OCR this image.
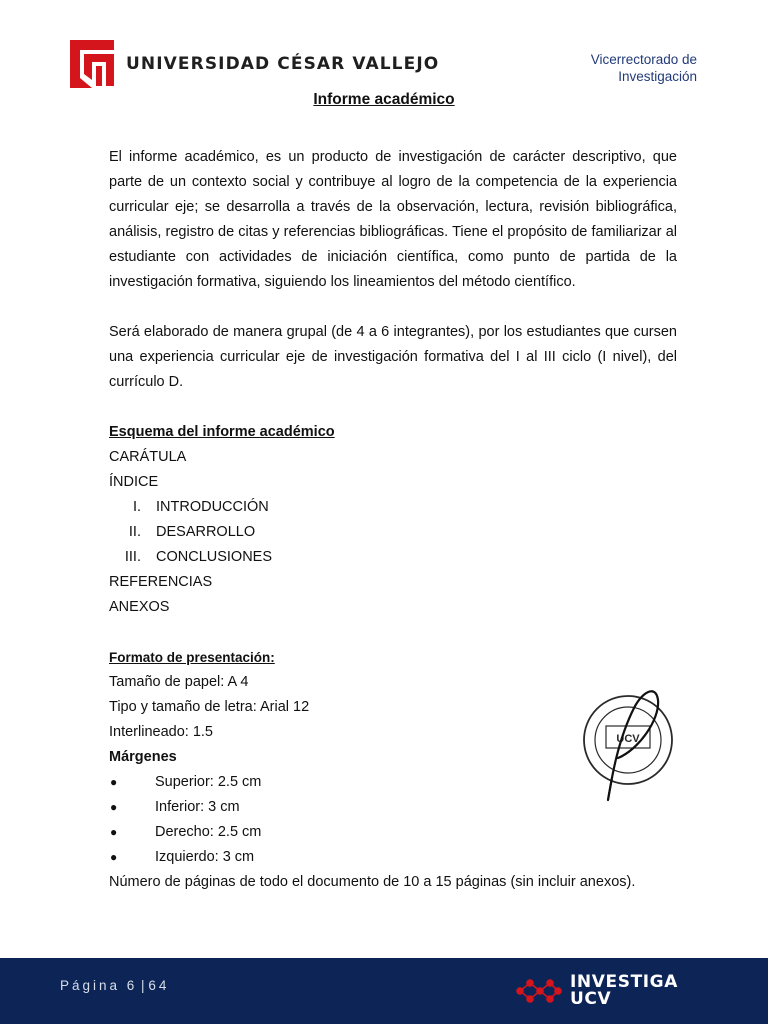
UNIVERSIDAD CÉSAR VALLEJO	Vicerrectorado de
Investigación
Informe académico

El informe académico, es un producto de investigación de carácter descriptivo, que parte de un contexto social y contribuye al logro de la competencia de la experiencia curricular eje; se desarrolla a través de la observación, lectura, revisión bibliográfica, análisis, registro de citas y referencias bibliográficas. Tiene el propósito de familiarizar al estudiante con actividades de iniciación científica, como punto de partida de la investigación formativa, siguiendo los lineamientos del método científico.

Será elaborado de manera grupal (de 4 a 6 integrantes), por los estudiantes que cursen una experiencia curricular eje de investigación formativa del I al III ciclo (I nivel), del currículo D.

Esquema del informe académico
CARÁTULA
ÍNDICE
I. INTRODUCCIÓN
II. DESARROLLO
III. CONCLUSIONES
REFERENCIAS
ANEXOS
Formato de presentación:
Tamaño de papel: A 4
Tipo y tamaño de letra: Arial 12
Interlineado: 1.5
Márgenes
●	Superior: 2.5 cm
●	Inferior: 3 cm
●	Derecho: 2.5 cm
●	Izquierdo: 3 cm
Número de páginas de todo el documento de 10 a 15 páginas (sin incluir anexos).
UCV
Página 6 | 64	INVESTIGA
UCV
